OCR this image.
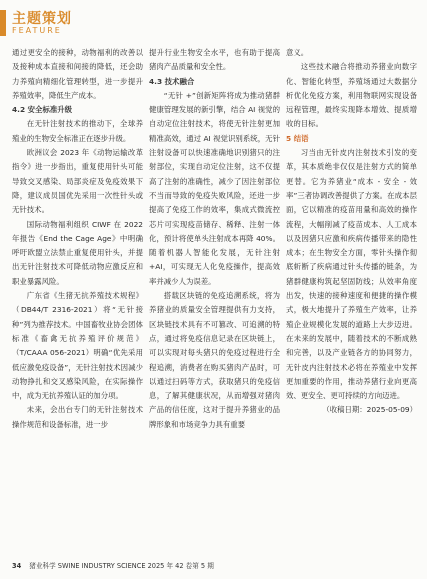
主题策划
FEATURE

通过更安全的接种，动物福利的改善以及接种成本直接和间接的降低，还会助力养殖向精细化管理转型，进一步提升养殖效率，降低生产成本。

4.2 安全标准升级

在无针注射技术的推动下，全球养殖业的生物安全标准正在逐步升级。

欧洲议会 2023 年《动物运输改革指令》进一步指出，重复使用针头可能导致交叉感染、局部炎症及免疫效果下降，建议成员国优先采用一次性针头或无针技术。

国际动物福利组织 CIWF 在 2022 年报告《End the Cage Age》中明确呼吁欧盟立法禁止重复使用针头，并提出无针注射技术可降低动物应激反应和职业暴露风险。

广东省《生猪无抗养殖技术规程》（DB44/T 2316-2021）将“无针接种”列为推荐技术。中国畜牧业协会团体标准《畜禽无抗养殖评价规范》（T/CAAA 056-2021）明确“优先采用低应激免疫设备”，无针注射技术因减少动物挣扎和交叉感染风险，在实际操作中，成为无抗养殖认证的加分项。

未来，会出台专门的无针注射技术操作规范和设备标准，进一步

提升行业生物安全水平，也有助于提高猪肉产品质量和安全性。

4.3 技术融合

“无针 +”创新矩阵将成为推动猪群健康管理发展的新引擎，结合 AI 视觉的自动定位注射技术，将使无针注射更加精准高效，通过 AI 视觉识别系统，无针注射设备可以快速准确地识别猪只的注射部位，实现自动定位注射，这不仅提高了注射的准确性，减少了因注射部位不当而导致的免疫失败风险，还进一步提高了免疫工作的效率，集成式微流控芯片可实现疫苗储存、稀释、注射一体化，预计将使单头注射成本再降 40%。随着机器人智能化发展，无针注射 +AI，可实现无人化免疫操作，提高效率并减少人为误差。

搭载区块链的免疫追溯系统，将为养猪业的质量安全管理提供有力支持，区块链技术具有不可篡改、可追溯的特点，通过将免疫信息记录在区块链上，可以实现对每头猪只的免疫过程进行全程追溯，消费者在购买猪肉产品时，可以通过扫码等方式，获取猪只的免疫信息，了解其健康状况，从而增强对猪肉产品的信任度，这对于提升养猪业的品牌形象和市场竞争力具有重要

意义。

这些技术融合将推动养猪业向数字化、智能化转型，养殖场通过大数据分析优化免疫方案，利用物联网实现设备远程管理，最终实现降本增效、提质增收的目标。

5 结语

习当由无针皮内注射技术引发的变革，其本质绝非仅仅是注射方式的简单更替。它为养猪业“成本 - 安全 - 效率”三者协调改善提供了方案。在成本层面，它以精准的疫苗用量和高效的操作流程，大幅削减了疫苗成本、人工成本以及因猪只应激和疾病传播带来的隐性成本；在生物安全方面，零针头操作彻底斩断了疾病通过针头传播的链条，为猪群健康构筑起坚固防线；从效率角度出发，快速的接种速度和便捷的操作模式，极大地提升了养殖生产效率，让养殖企业规模化发展的道路上大步迈进。在未来的发展中，随着技术的不断成熟和完善，以及产业链各方的协同努力，无针皮内注射技术必将在养殖业中发挥更加重要的作用，推动养猪行业向更高效、更安全、更可持续的方向迈进。

（收稿日期：2025-05-09）

34 猪业科学 SWINE INDUSTRY SCIENCE 2025 年 42 卷第 5 期
